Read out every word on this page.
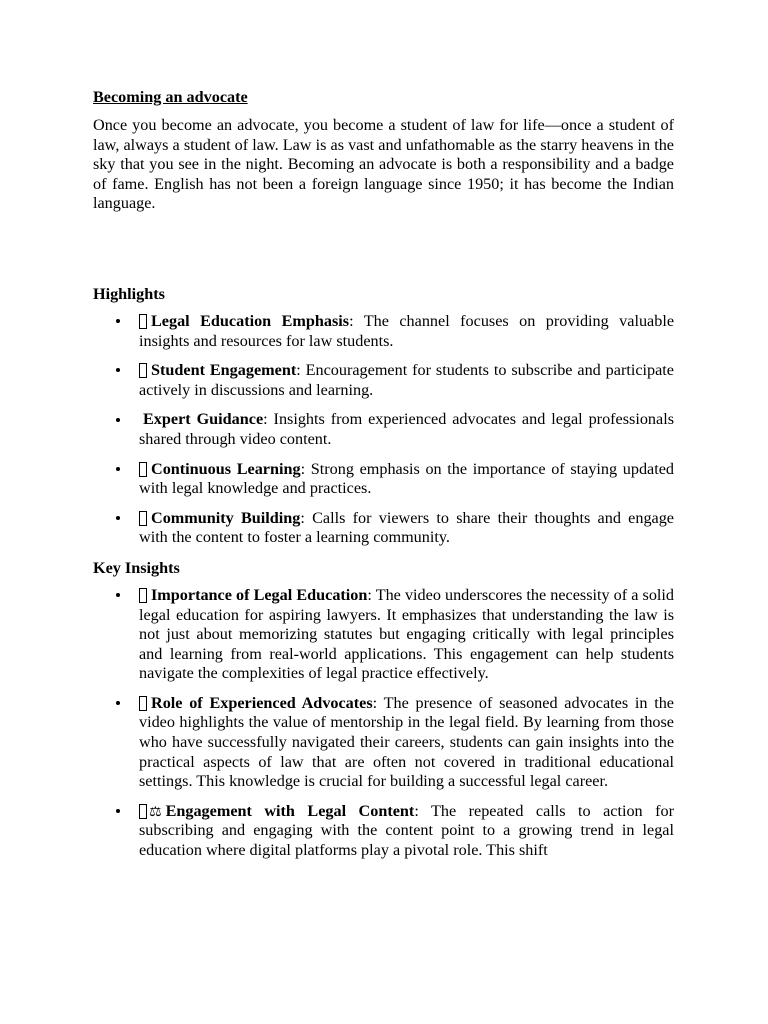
Becoming an advocate

Once you become an advocate, you become a student of law for life—once a student of law, always a student of law. Law is as vast and unfathomable as the starry heavens in the sky that you see in the night. Becoming an advocate is both a responsibility and a badge of fame. English has not been a foreign language since 1950; it has become the Indian language.

Highlights

Legal Education Emphasis: The channel focuses on providing valuable insights and resources for law students.
Student Engagement: Encouragement for students to subscribe and participate actively in discussions and learning.
Expert Guidance: Insights from experienced advocates and legal professionals shared through video content.
Continuous Learning: Strong emphasis on the importance of staying updated with legal knowledge and practices.
Community Building: Calls for viewers to share their thoughts and engage with the content to foster a learning community.

Key Insights

Importance of Legal Education: The video underscores the necessity of a solid legal education for aspiring lawyers. It emphasizes that understanding the law is not just about memorizing statutes but engaging critically with legal principles and learning from real-world applications. This engagement can help students navigate the complexities of legal practice effectively.
Role of Experienced Advocates: The presence of seasoned advocates in the video highlights the value of mentorship in the legal field. By learning from those who have successfully navigated their careers, students can gain insights into the practical aspects of law that are often not covered in traditional educational settings. This knowledge is crucial for building a successful legal career.
⚖ Engagement with Legal Content: The repeated calls to action for subscribing and engaging with the content point to a growing trend in legal education where digital platforms play a pivotal role. This shift
